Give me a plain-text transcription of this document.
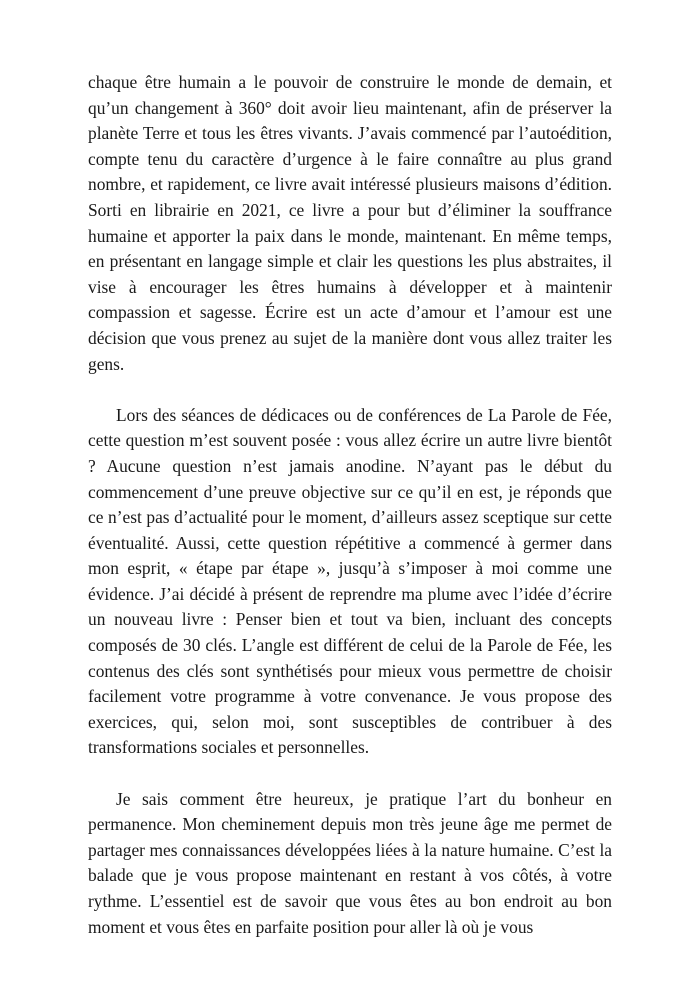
chaque être humain a le pouvoir de construire le monde de demain, et qu’un changement à 360° doit avoir lieu maintenant, afin de préserver la planète Terre et tous les êtres vivants. J’avais commencé par l’autoédition, compte tenu du caractère d’urgence à le faire connaître au plus grand nombre, et rapidement, ce livre avait intéressé plusieurs maisons d’édition. Sorti en librairie en 2021, ce livre a pour but d’éliminer la souffrance humaine et apporter la paix dans le monde, maintenant. En même temps, en présentant en langage simple et clair les questions les plus abstraites, il vise à encourager les êtres humains à développer et à maintenir compassion et sagesse. Écrire est un acte d’amour et l’amour est une décision que vous prenez au sujet de la manière dont vous allez traiter les gens.

Lors des séances de dédicaces ou de conférences de La Parole de Fée, cette question m’est souvent posée : vous allez écrire un autre livre bientôt ? Aucune question n’est jamais anodine. N’ayant pas le début du commencement d’une preuve objective sur ce qu’il en est, je réponds que ce n’est pas d’actualité pour le moment, d’ailleurs assez sceptique sur cette éventualité. Aussi, cette question répétitive a commencé à germer dans mon esprit, « étape par étape », jusqu’à s’imposer à moi comme une évidence. J’ai décidé à présent de reprendre ma plume avec l’idée d’écrire un nouveau livre : Penser bien et tout va bien, incluant des concepts composés de 30 clés. L’angle est différent de celui de la Parole de Fée, les contenus des clés sont synthétisés pour mieux vous permettre de choisir facilement votre programme à votre convenance. Je vous propose des exercices, qui, selon moi, sont susceptibles de contribuer à des transformations sociales et personnelles.

Je sais comment être heureux, je pratique l’art du bonheur en permanence. Mon cheminement depuis mon très jeune âge me permet de partager mes connaissances développées liées à la nature humaine. C’est la balade que je vous propose maintenant en restant à vos côtés, à votre rythme. L’essentiel est de savoir que vous êtes au bon endroit au bon moment et vous êtes en parfaite position pour aller là où je vous
